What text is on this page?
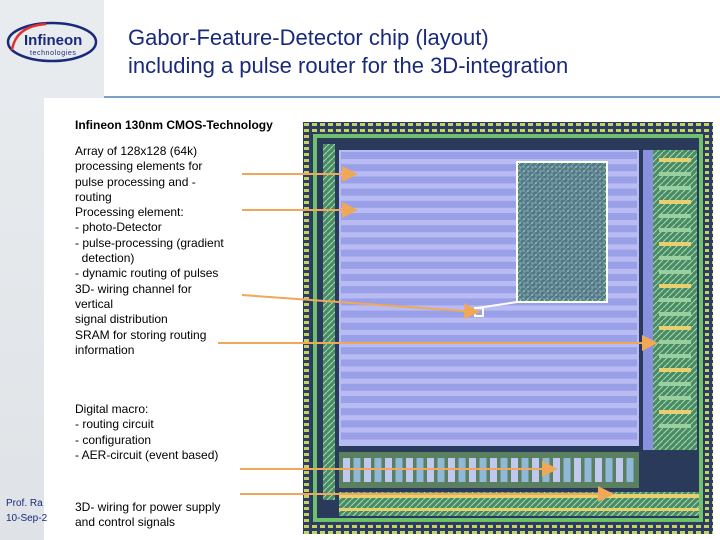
Infineon
technologies
Gabor-Feature-Detector chip (layout)
including a pulse router for the 3D-integration
Infineon 130nm CMOS-Technology
Array of 128x128 (64k)
processing elements for
pulse processing and -
routing
Processing element:
- photo-Detector
- pulse-processing (gradient
detection)
- dynamic routing of pulses
3D- wiring channel for
vertical
signal distribution
SRAM for storing routing
information
Digital macro:
- routing circuit
- configuration
- AER-circuit (event based)
3D- wiring for power supply
and control signals
Prof. Ra
10-Sep-2
